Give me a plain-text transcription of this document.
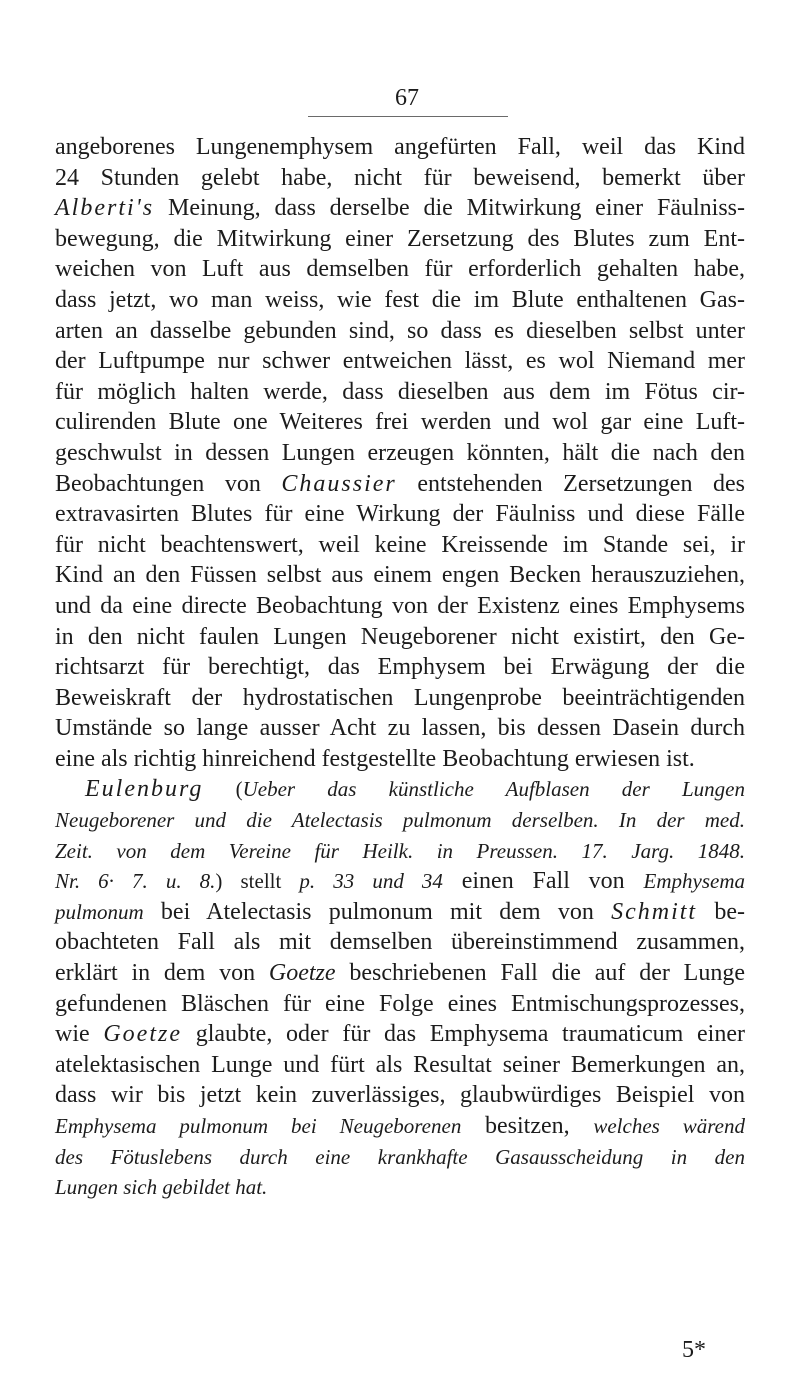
67
angeborenes Lungenemphysem angefürten Fall, weil das Kind
24 Stunden gelebt habe, nicht für beweisend, bemerkt über
Alberti's Meinung, dass derselbe die Mitwirkung einer Fäulniss-
bewegung, die Mitwirkung einer Zersetzung des Blutes zum Ent-
weichen von Luft aus demselben für erforderlich gehalten habe,
dass jetzt, wo man weiss, wie fest die im Blute enthaltenen Gas-
arten an dasselbe gebunden sind, so dass es dieselben selbst unter
der Luftpumpe nur schwer entweichen lässt, es wol Niemand mer
für möglich halten werde, dass dieselben aus dem im Fötus cir-
culirenden Blute one Weiteres frei werden und wol gar eine Luft-
geschwulst in dessen Lungen erzeugen könnten, hält die nach den
Beobachtungen von Chaussier entstehenden Zersetzungen des
extravasirten Blutes für eine Wirkung der Fäulniss und diese Fälle
für nicht beachtenswert, weil keine Kreissende im Stande sei, ir
Kind an den Füssen selbst aus einem engen Becken herauszuziehen,
und da eine directe Beobachtung von der Existenz eines Emphysems
in den nicht faulen Lungen Neugeborener nicht existirt, den Ge-
richtsarzt für berechtigt, das Emphysem bei Erwägung der die
Beweiskraft der hydrostatischen Lungenprobe beeinträchtigenden
Umstände so lange ausser Acht zu lassen, bis dessen Dasein durch
eine als richtig hinreichend festgestellte Beobachtung erwiesen ist.
Eulenburg (Ueber das künstliche Aufblasen der Lungen
Neugeborener und die Atelectasis pulmonum derselben. In der med.
Zeit. von dem Vereine für Heilk. in Preussen. 17. Jarg. 1848.
Nr. 6· 7. u. 8.) stellt p. 33 und 34 einen Fall von Emphysema
pulmonum bei Atelectasis pulmonum mit dem von Schmitt be-
obachteten Fall als mit demselben übereinstimmend zusammen,
erklärt in dem von Goetze beschriebenen Fall die auf der Lunge
gefundenen Bläschen für eine Folge eines Entmischungsprozesses,
wie Goetze glaubte, oder für das Emphysema traumaticum einer
atelektasischen Lunge und fürt als Resultat seiner Bemerkungen an,
dass wir bis jetzt kein zuverlässiges, glaubwürdiges Beispiel von
Emphysema pulmonum bei Neugeborenen besitzen, welches wärend
des Fötuslebens durch eine krankhafte Gasausscheidung in den
Lungen sich gebildet hat.
5*
